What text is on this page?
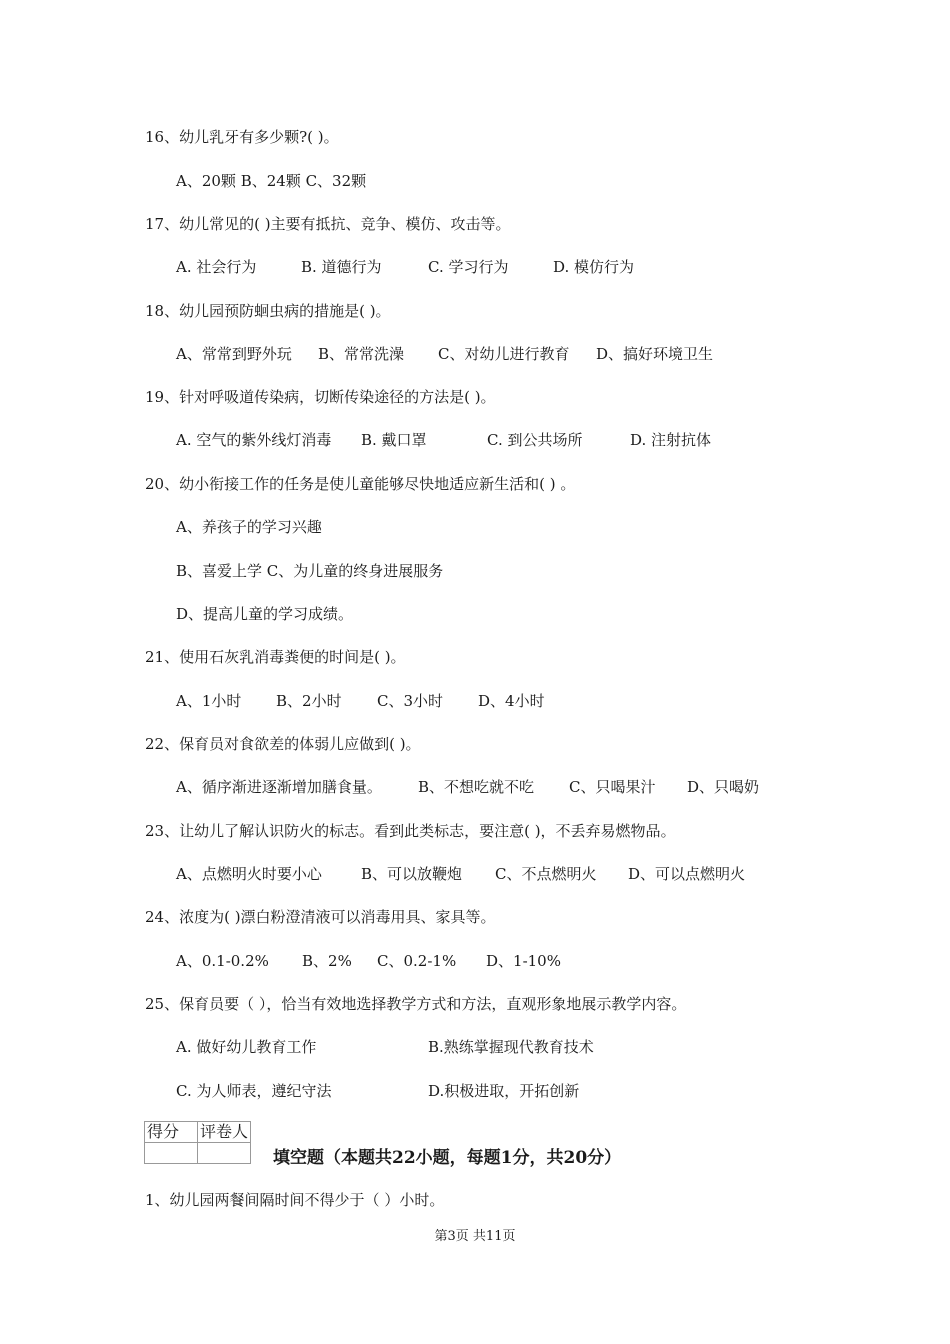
16、幼儿乳牙有多少颗?( )。
A、20颗 B、24颗 C、32颗
17、幼儿常见的( )主要有抵抗、竞争、模仿、攻击等。
A. 社会行为	B. 道德行为	C. 学习行为	D. 模仿行为
18、幼儿园预防蛔虫病的措施是( )。
A、常常到野外玩 B、常常洗澡 C、对幼儿进行教育 D、搞好环境卫生
19、针对呼吸道传染病，切断传染途径的方法是( )。
A. 空气的紫外线灯消毒 B. 戴口罩	C. 到公共场所	D. 注射抗体
20、幼小衔接工作的任务是使儿童能够尽快地适应新生活和( ) 。
A、养孩子的学习兴趣
B、喜爱上学 C、为儿童的终身进展服务
D、提高儿童的学习成绩。
21、使用石灰乳消毒粪便的时间是( )。
A、1小时 B、2小时 C、3小时 D、4小时
22、保育员对食欲差的体弱儿应做到( )。
A、循序渐进逐渐增加膳食量。 B、不想吃就不吃 C、只喝果汁 D、只喝奶
23、让幼儿了解认识防火的标志。看到此类标志，要注意( )，不丢弃易燃物品。
A、点燃明火时要小心	B、可以放鞭炮 C、不点燃明火 D、可以点燃明火
24、浓度为( )漂白粉澄清液可以消毒用具、家具等。
A、0.1-0.2% B、2% C、0.2-1% D、1-10%
25、保育员要（ ），恰当有效地选择教学方式和方法，直观形象地展示教学内容。
A. 做好幼儿教育工作	B.熟练掌握现代教育技术
C. 为人师表，遵纪守法	D.积极进取，开拓创新
得分	评卷人

填空题（本题共22小题，每题1分，共20分）
1、幼儿园两餐间隔时间不得少于（ ）小时。
第3页 共11页
